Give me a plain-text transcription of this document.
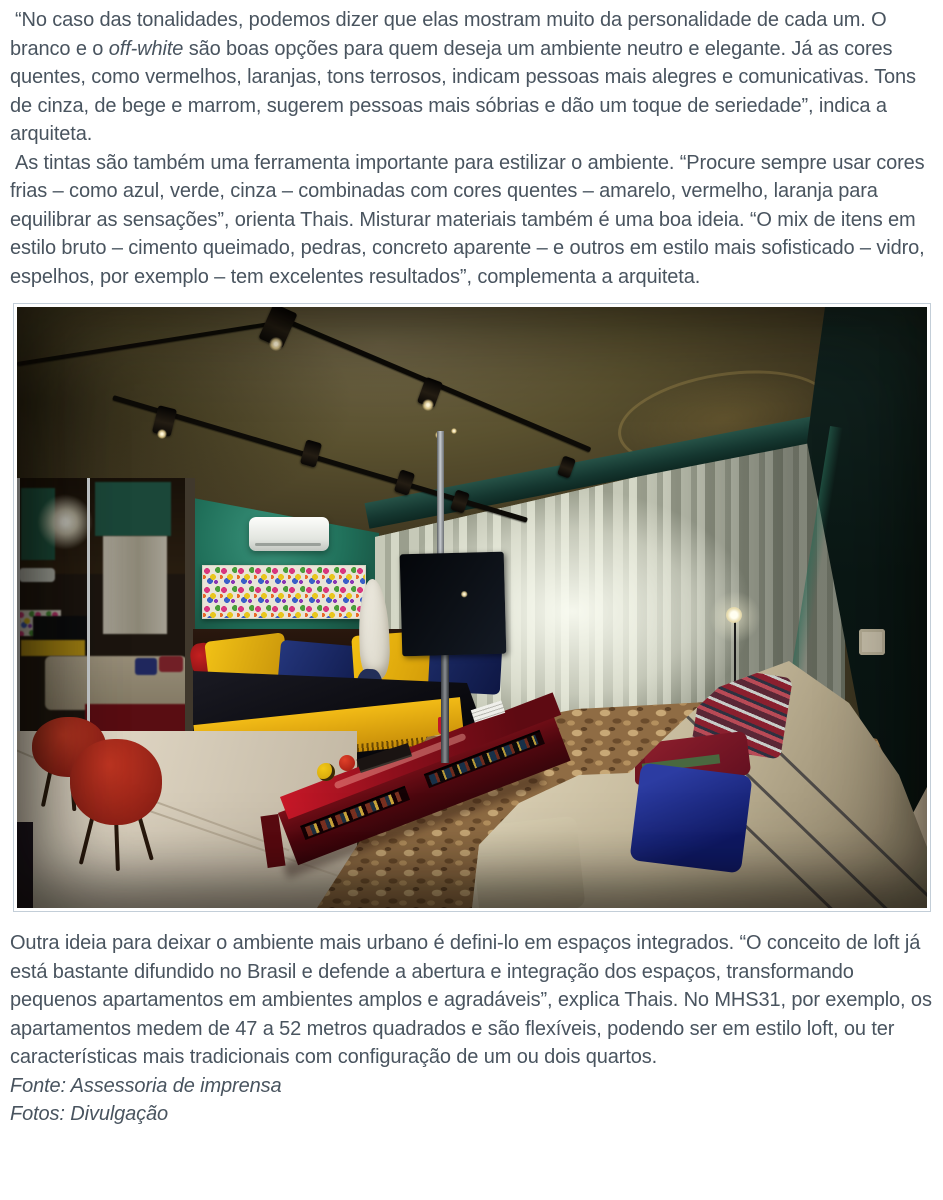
“No caso das tonalidades, podemos dizer que elas mostram muito da personalidade de cada um. O branco e o off-white são boas opções para quem deseja um ambiente neutro e elegante. Já as cores quentes, como vermelhos, laranjas, tons terrosos, indicam pessoas mais alegres e comunicativas. Tons de cinza, de bege e marrom, sugerem pessoas mais sóbrias e dão um toque de seriedade”, indica a arquiteta.

As tintas são também uma ferramenta importante para estilizar o ambiente. “Procure sempre usar cores frias – como azul, verde, cinza – combinadas com cores quentes – amarelo, vermelho, laranja para equilibrar as sensações”, orienta Thais. Misturar materiais também é uma boa ideia. “O mix de itens em estilo bruto – cimento queimado, pedras, concreto aparente – e outros em estilo mais sofisticado – vidro, espelhos, por exemplo – tem excelentes resultados”, complementa a arquiteta.

Outra ideia para deixar o ambiente mais urbano é defini-lo em espaços integrados. “O conceito de loft já está bastante difundido no Brasil e defende a abertura e integração dos espaços, transformando pequenos apartamentos em ambientes amplos e agradáveis”, explica Thais. No MHS31, por exemplo, os apartamentos medem de 47 a 52 metros quadrados e são flexíveis, podendo ser em estilo loft, ou ter características mais tradicionais com configuração de um ou dois quartos.

Fonte: Assessoria de imprensa

Fotos: Divulgação
